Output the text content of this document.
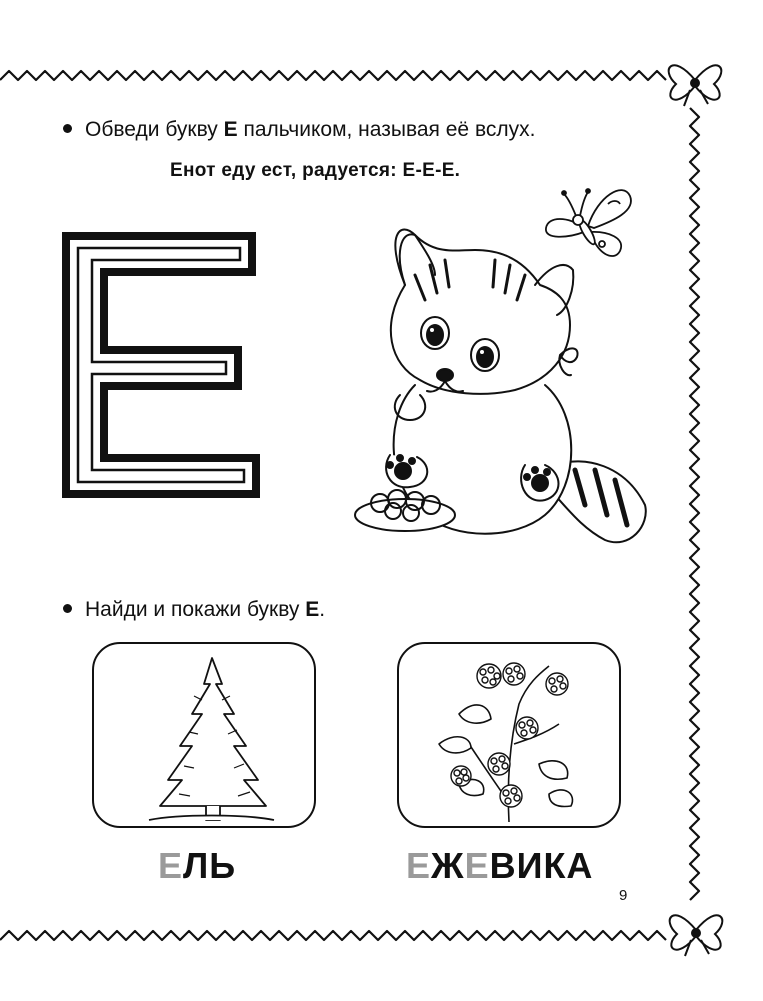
Обведи букву Е пальчиком, называя её вслух.
Енот еду ест, радуется: Е-Е-Е.
Найди и покажи букву Е.
ЕЛЬ	ЕЖЕВИКА
9
